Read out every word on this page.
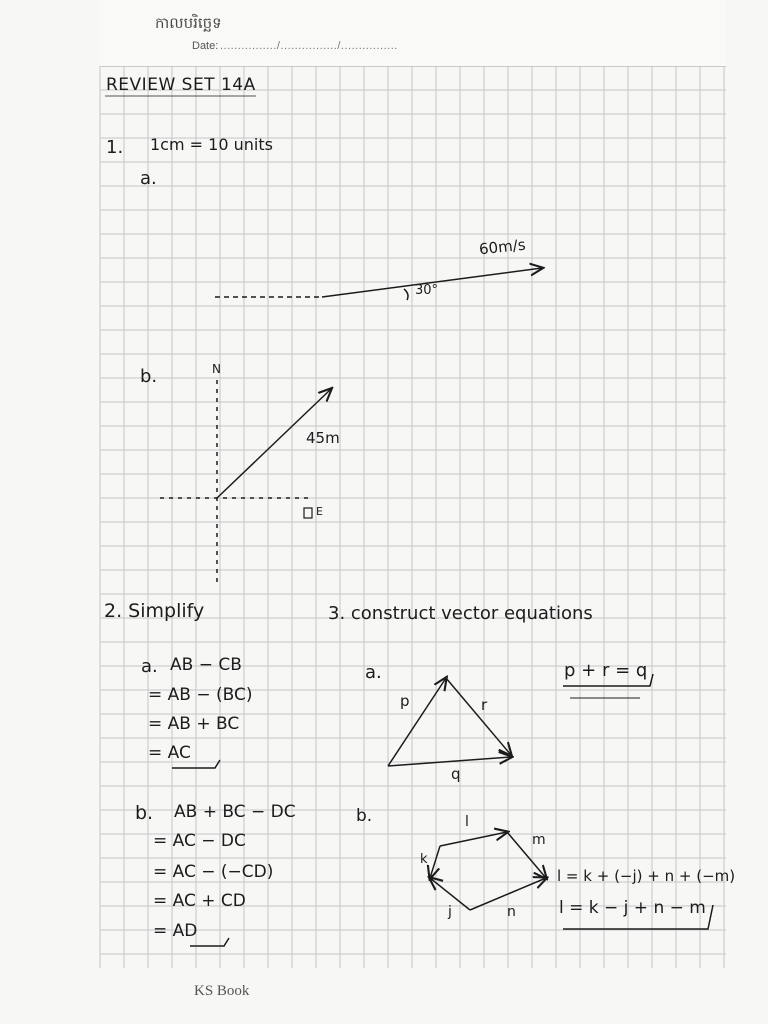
កាលបរិច្ឆេទ
Date: ................/................/................
REVIEW SET 14A
1. 1cm = 10 units
a.
60m/s
30°
b.	N
E
45m
2. Simplify
a. AB − CB
= AB − (BC)
= AB + BC
= AC
b. AB + BC − DC
= AC − DC
= AC − (−CD)
= AC + CD
= AD
3. construct vector equations
a.
p	r
q
p + r = q
b.	l
m
k
j	n
l = k + (−j) + n + (−m)
l = k − j + n − m
KS Book
